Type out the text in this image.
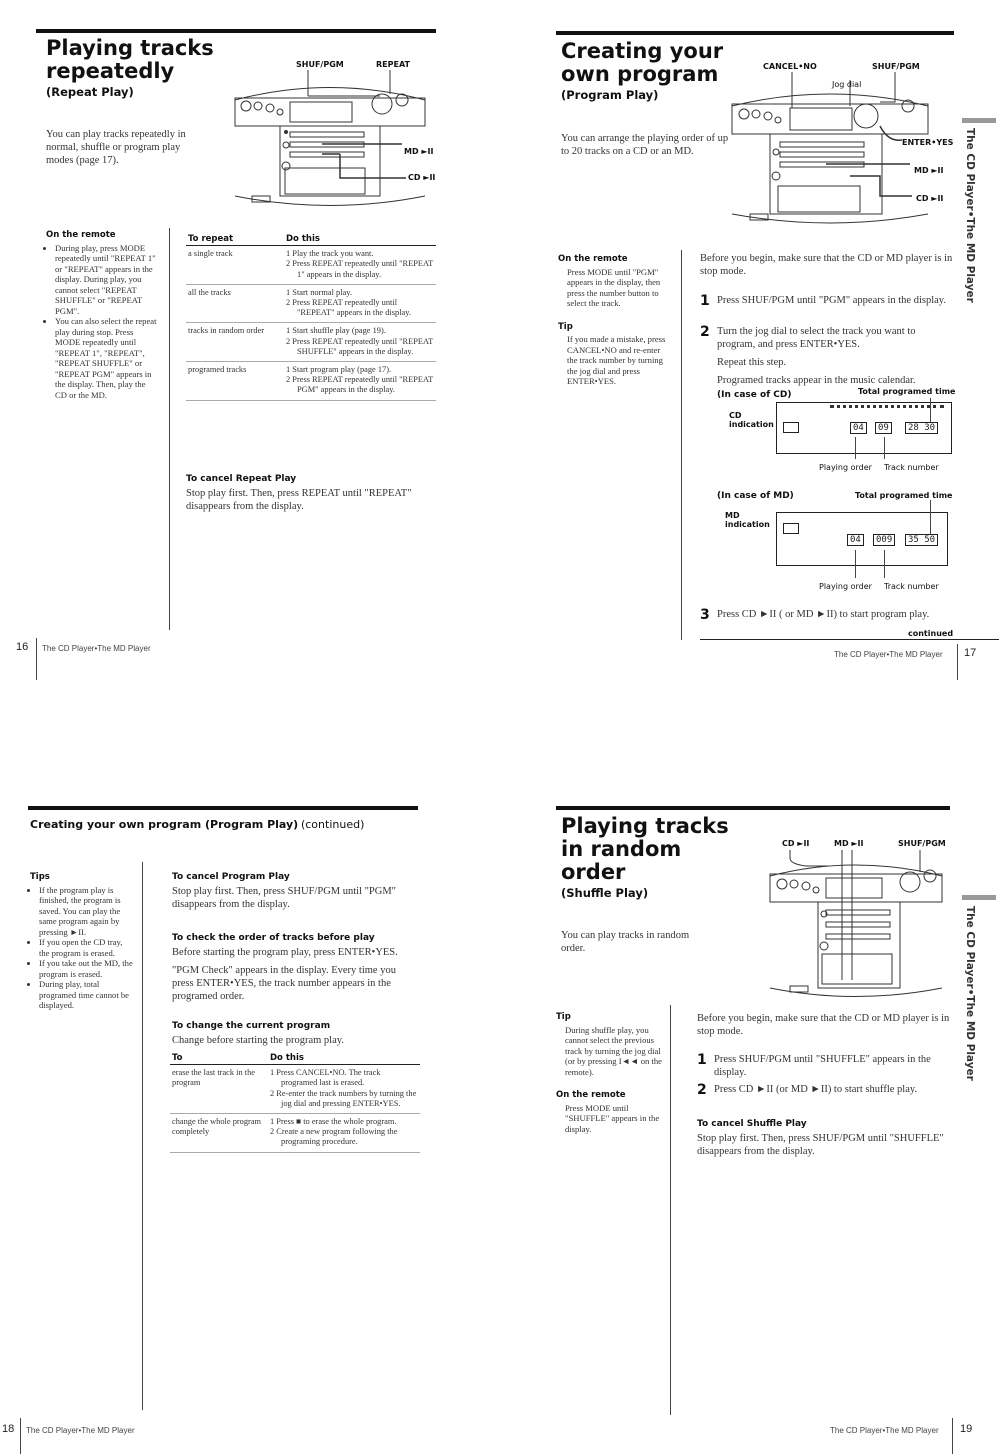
Playing tracks
repeatedly
(Repeat Play)
You can play tracks repeatedly in normal, shuffle or program play modes (page 17).
SHUF/PGM	REPEAT
MD ►II
CD ►II
On the remote
• During play, press MODE repeatedly until "REPEAT 1" or "REPEAT" appears in the display. During play, you cannot select "REPEAT SHUFFLE" or "REPEAT PGM".
• You can also select the repeat play during stop. Press MODE repeatedly until "REPEAT 1", "REPEAT", "REPEAT SHUFFLE" or "REPEAT PGM" appears in the display. Then, play the CD or the MD.
To repeat	Do this
a single track	1 Play the track you want.
2 Press REPEAT repeatedly until "REPEAT 1" appears in the display.

all the tracks	1 Start normal play.
2 Press REPEAT repeatedly until "REPEAT" appears in the display.

tracks in random order	1 Start shuffle play (page 19).
2 Press REPEAT repeatedly until "REPEAT SHUFFLE" appears in the display.

programed tracks	1 Start program play (page 17).
2 Press REPEAT repeatedly until "REPEAT PGM" appears in the display.
To cancel Repeat Play
Stop play first. Then, press REPEAT until "REPEAT" disappears from the display.
16 The CD Player•The MD Player
Creating your
own program
(Program Play)
You can arrange the playing order of up to 20 tracks on a CD or an MD.
CANCEL•NO	SHUF/PGM
Jog dial
ENTER•YES
MD ►II
CD ►II The CD Player•The MD Player
On the remote
Press MODE until "PGM" appears in the display, then press the number button to select the track.
Tip
If you made a mistake, press CANCEL•NO and re-enter the track number by turning the jog dial and press ENTER•YES.
Before you begin, make sure that the CD or MD player is in stop mode.
1 Press SHUF/PGM until "PGM" appears in the display.
2 Turn the jog dial to select the track you want to program, and press ENTER•YES.
Repeat this step.
Programed tracks appear in the music calendar.
(In case of CD)	Total programed time
CD indication	04	09	28 30
Playing order Track number
(In case of MD)	Total programed time
MD indication
04	009	35 50
Playing order Track number
3 Press CD ►II ( or MD ►II) to start program play.
continued
The CD Player•The MD Player 17
Creating your own program (Program Play) (continued)
Tips
• If the program play is finished, the program is saved. You can play the same program again by pressing ►II.
• If you open the CD tray, the program is erased.
• If you take out the MD, the program is erased.
• During play, total programed time cannot be displayed.
To cancel Program Play
Stop play first. Then, press SHUF/PGM until "PGM" disappears from the display.
To check the order of tracks before play
Before starting the program play, press ENTER•YES.
"PGM Check" appears in the display. Every time you press ENTER•YES, the track number appears in the programed order.
To change the current program
Change before starting the program play.
To	Do this
erase the last track in the program	1 Press CANCEL•NO. The track programed last is erased.
2 Re-enter the track numbers by turning the jog dial and pressing ENTER•YES.

change the whole program completely	1 Press ■ to erase the whole program.
2 Create a new program following the programing procedure.
18 The CD Player•The MD Player
Playing tracks
in random
order
(Shuffle Play)
You can play tracks in random order.
CD ►II	MD ►II	SHUF/PGM
The CD Player•The MD Player
Tip
During shuffle play, you cannot select the previous track by turning the jog dial (or by pressing I◄◄ on the remote).
On the remote
Press MODE until "SHUFFLE" appears in the display.
Before you begin, make sure that the CD or MD player is in stop mode.
1 Press SHUF/PGM until "SHUFFLE" appears in the display.
2 Press CD ►II (or MD ►II) to start shuffle play.
To cancel Shuffle Play
Stop play first. Then, press SHUF/PGM until "SHUFFLE" disappears from the display.
The CD Player•The MD Player 19
